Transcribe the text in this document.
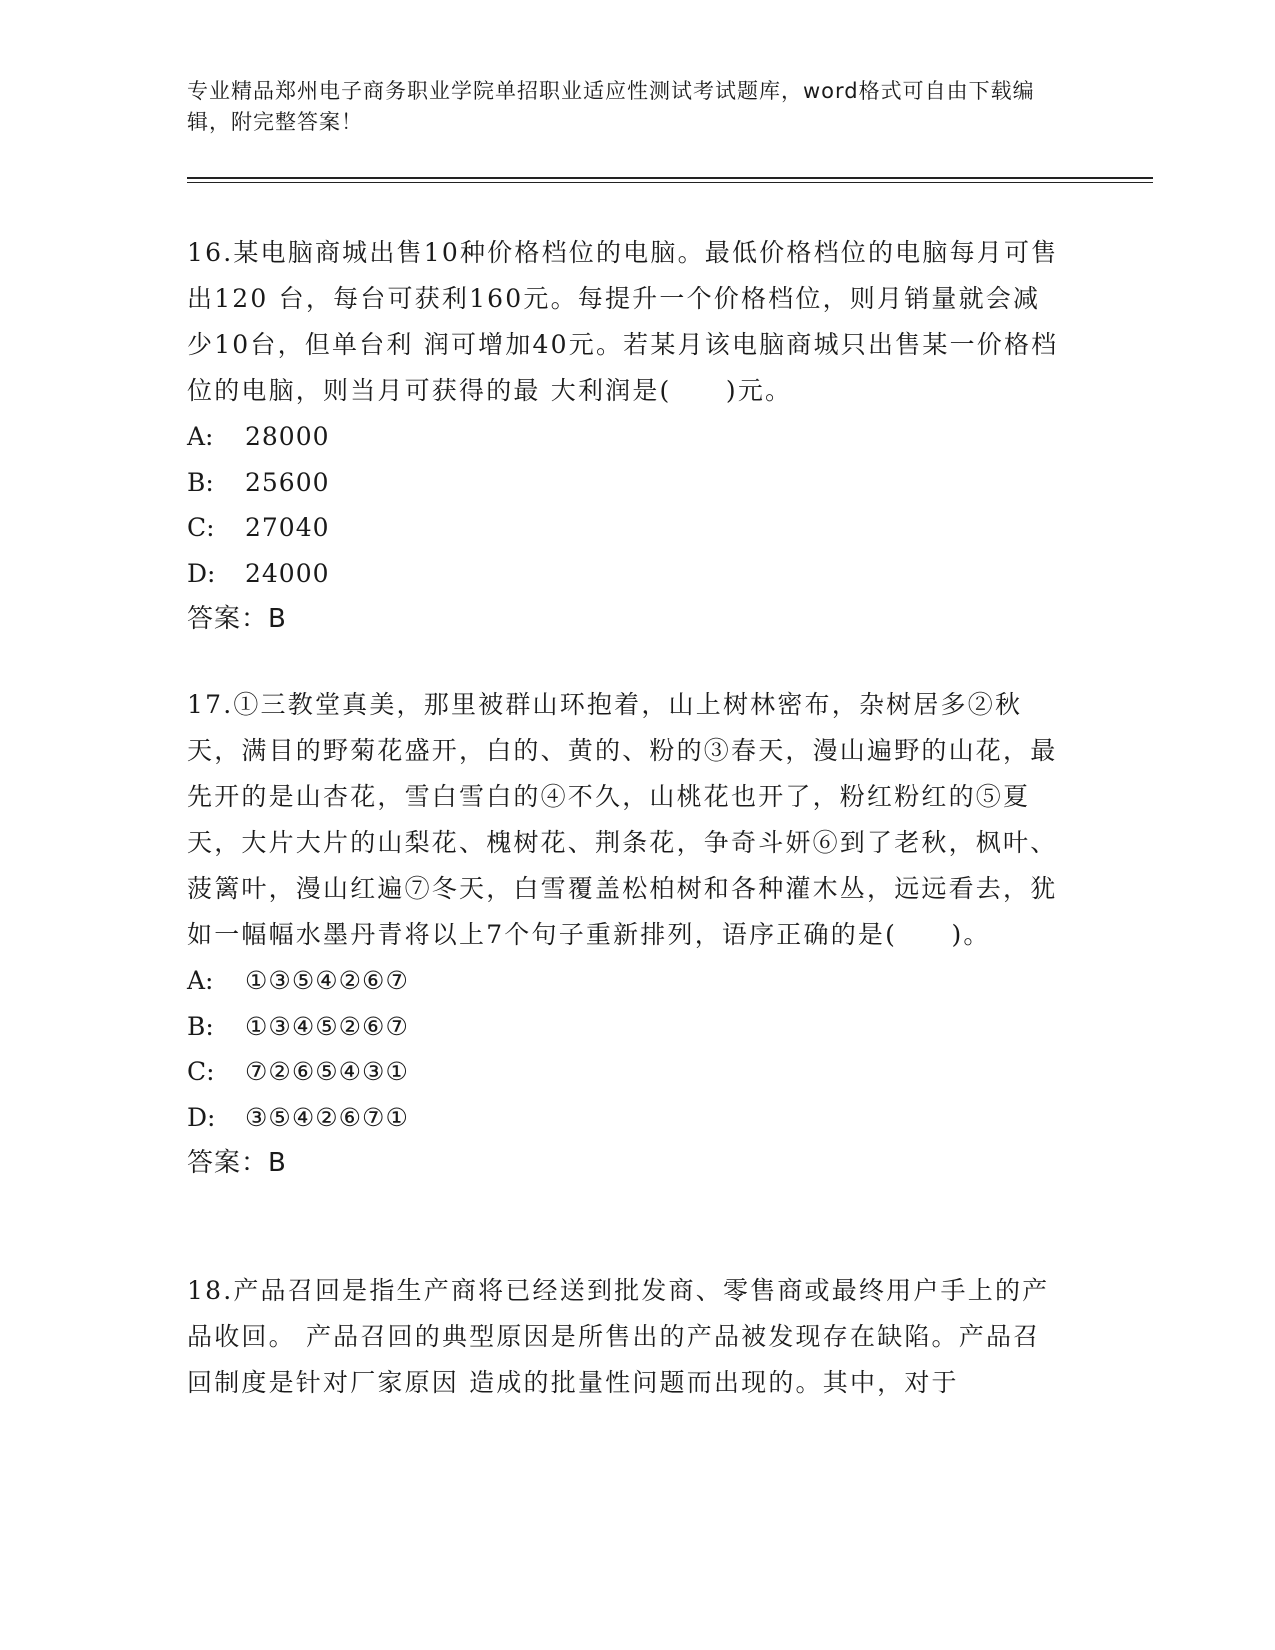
专业精品郑州电子商务职业学院单招职业适应性测试考试题库，word格式可自由下载编辑，附完整答案！

16.某电脑商城出售10种价格档位的电脑。最低价格档位的电脑每月可售出120 台，每台可获利160元。每提升一个价格档位，则月销量就会减少10台，但单台利 润可增加40元。若某月该电脑商城只出售某一价格档位的电脑，则当月可获得的最 大利润是(　　)元。

A: 28000
B: 25600
C: 27040
D: 24000
答案：B

17.①三教堂真美，那里被群山环抱着，山上树林密布，杂树居多②秋天，满目的野菊花盛开，白的、黄的、粉的③春天，漫山遍野的山花，最先开的是山杏花，雪白雪白的④不久，山桃花也开了，粉红粉红的⑤夏天，大片大片的山梨花、槐树花、荆条花，争奇斗妍⑥到了老秋，枫叶、菠篱叶，漫山红遍⑦冬天，白雪覆盖松柏树和各种灌木丛，远远看去，犹如一幅幅水墨丹青将以上7个句子重新排列，语序正确的是(　　)。

A: ①③⑤④②⑥⑦
B: ①③④⑤②⑥⑦
C: ⑦②⑥⑤④③①
D: ③⑤④②⑥⑦①
答案：B

18.产品召回是指生产商将已经送到批发商、零售商或最终用户手上的产品收回。 产品召回的典型原因是所售出的产品被发现存在缺陷。产品召回制度是针对厂家原因 造成的批量性问题而出现的。其中，对于
